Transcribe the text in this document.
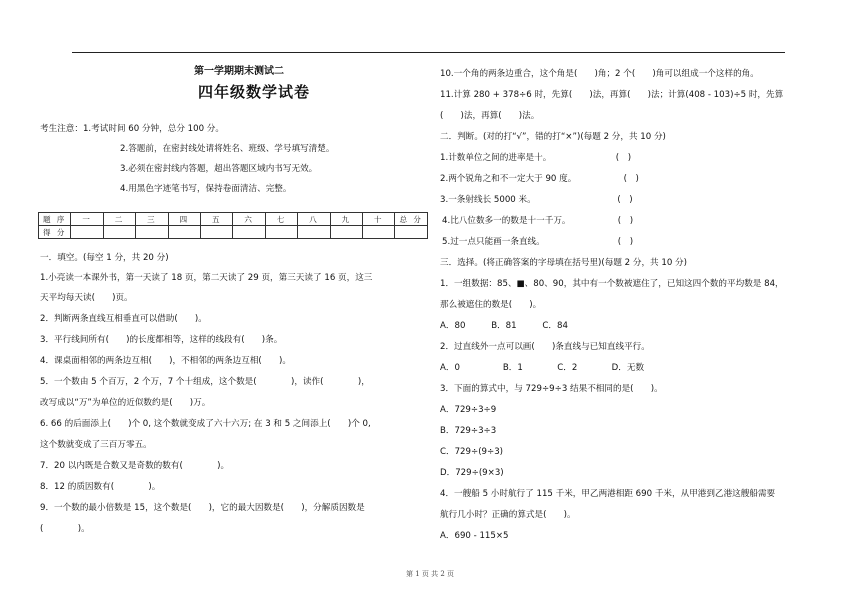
第一学期期末测试二
四年级数学试卷
考生注意：1.考试时间 60 分钟，总分 100 分。
2.答题前，在密封线处请将姓名、班级、学号填写清楚。
3.必须在密封线内答题，超出答题区域内书写无效。
4.用黑色字迹笔书写，保持卷面清洁、完整。
题 序	一	二	三	四	五	六	七	八	九	十	总 分
得 分											
一．填空。(每空 1 分，共 20 分)
1.小亮读一本课外书，第一天读了 18 页，第二天读了 29 页，第三天读了 16 页，这三
天平均每天读(　　)页。
2．判断两条直线互相垂直可以借助(　　)。
3．平行线间所有(　　)的长度都相等，这样的线段有(　　)条。
4．课桌面相邻的两条边互相(　　)，不相邻的两条边互相(　　)。
5．一个数由 5 个百万，2 个万，7 个十组成，这个数是(　　　　)，读作(　　　　)，
改写成以“万”为单位的近似数约是(　　)万。
6. 66 的后面添上(　　)个 0, 这个数就变成了六十六万; 在 3 和 5 之间添上(　　)个 0,
这个数就变成了三百万零五。
7．20 以内既是合数又是奇数的数有(　　　　)。
8．12 的质因数有(　　　　)。
9．一个数的最小倍数是 15，这个数是(　　)，它的最大因数是(　　)，分解质因数是
(　　　　)。
10.一个角的两条边重合，这个角是(　　)角；2 个(　　)角可以组成一个这样的角。
11.计算 280 + 378÷6 时，先算(　　)法，再算(　　)法；计算(408 - 103)÷5 时，先算
(　　)法，再算(　　)法。
二．判断。(对的打“√”，错的打“×”)(每题 2 分，共 10 分)
1.计数单位之间的进率是十。　　　　　　　　(　)
2.两个锐角之和不一定大于 90 度。　　　　　　(　)
3.一条射线长 5000 米。　　　　　　　　　　(　)
4.比八位数多一的数是十一千万。　　　　　　(　)
5.过一点只能画一条直线。　　　　　　　　　(　)
三．选择。(将正确答案的字母填在括号里)(每题 2 分，共 10 分)
1．一组数据：85、■、80、90，其中有一个数被遮住了，已知这四个数的平均数是 84，
那么被遮住的数是(　　)。
A．80　　　B．81　　　C．84
2．过直线外一点可以画(　　)条直线与已知直线平行。
A．0　　　　　B．1　　　　C．2　　　　D．无数
3．下面的算式中，与 729÷9÷3 结果不相同的是(　　)。
A．729÷3÷9
B．729÷3÷3
C．729÷(9÷3)
D．729÷(9×3)
4．一艘船 5 小时航行了 115 千米，甲乙两港相距 690 千米，从甲港到乙港这艘船需要
航行几小时？正确的算式是(　　)。
A．690 - 115×5
第 1 页 共 2 页
